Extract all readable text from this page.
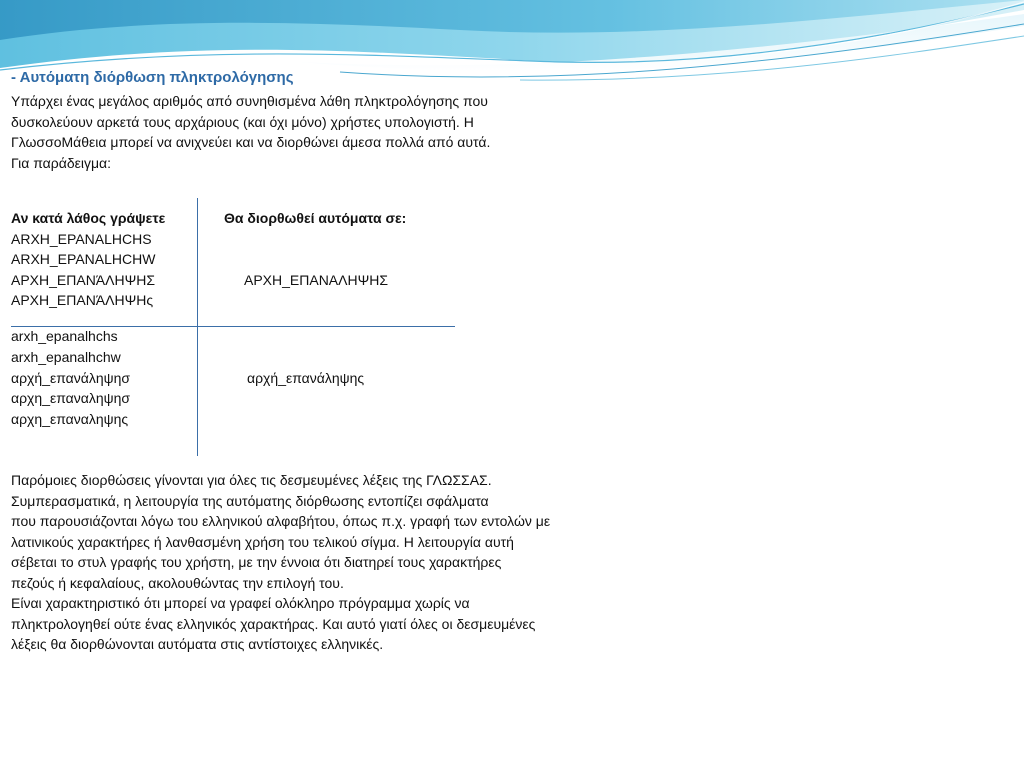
- Αυτόματη διόρθωση πληκτρολόγησης
Υπάρχει ένας μεγάλος αριθμός από συνηθισμένα λάθη πληκτρολόγησης που
δυσκολεύουν αρκετά τους αρχάριους (και όχι μόνο) χρήστες υπολογιστή. Η
ΓλωσσοΜάθεια μπορεί να ανιχνεύει και να διορθώνει άμεσα πολλά από αυτά.
Για παράδειγμα:
Αν κατά λάθος γράψετε	Θα διορθωθεί αυτόματα σε:
ARXH_EPANALHCHS
ARXH_EPANALHCHW
ΑΡΧΗ_ΕΠΑΝΆΛΗΨΗΣ
ΑΡΧΗ_ΕΠΑΝΆΛΗΨΗς
ΑΡΧΗ_ΕΠΑΝΑΛΗΨΗΣ
arxh_epanalhchs
arxh_epanalhchw
αρχή_επανάληψησ
αρχη_επαναληψησ
αρχη_επαναληψης
αρχή_επανάληψης
Παρόμοιες διορθώσεις γίνονται για όλες τις δεσμευμένες λέξεις της ΓΛΩΣΣΑΣ.
Συμπερασματικά, η λειτουργία της αυτόματης διόρθωσης εντοπίζει σφάλματα
που παρουσιάζονται λόγω του ελληνικού αλφαβήτου, όπως π.χ. γραφή των εντολών με
λατινικούς χαρακτήρες ή λανθασμένη χρήση του τελικού σίγμα. Η λειτουργία αυτή
σέβεται το στυλ γραφής του χρήστη, με την έννοια ότι διατηρεί τους χαρακτήρες
πεζούς ή κεφαλαίους, ακολουθώντας την επιλογή του.
Είναι χαρακτηριστικό ότι μπορεί να γραφεί ολόκληρο πρόγραμμα χωρίς να
πληκτρολογηθεί ούτε ένας ελληνικός χαρακτήρας. Και αυτό γιατί όλες οι δεσμευμένες
λέξεις θα διορθώνονται αυτόματα στις αντίστοιχες ελληνικές.
